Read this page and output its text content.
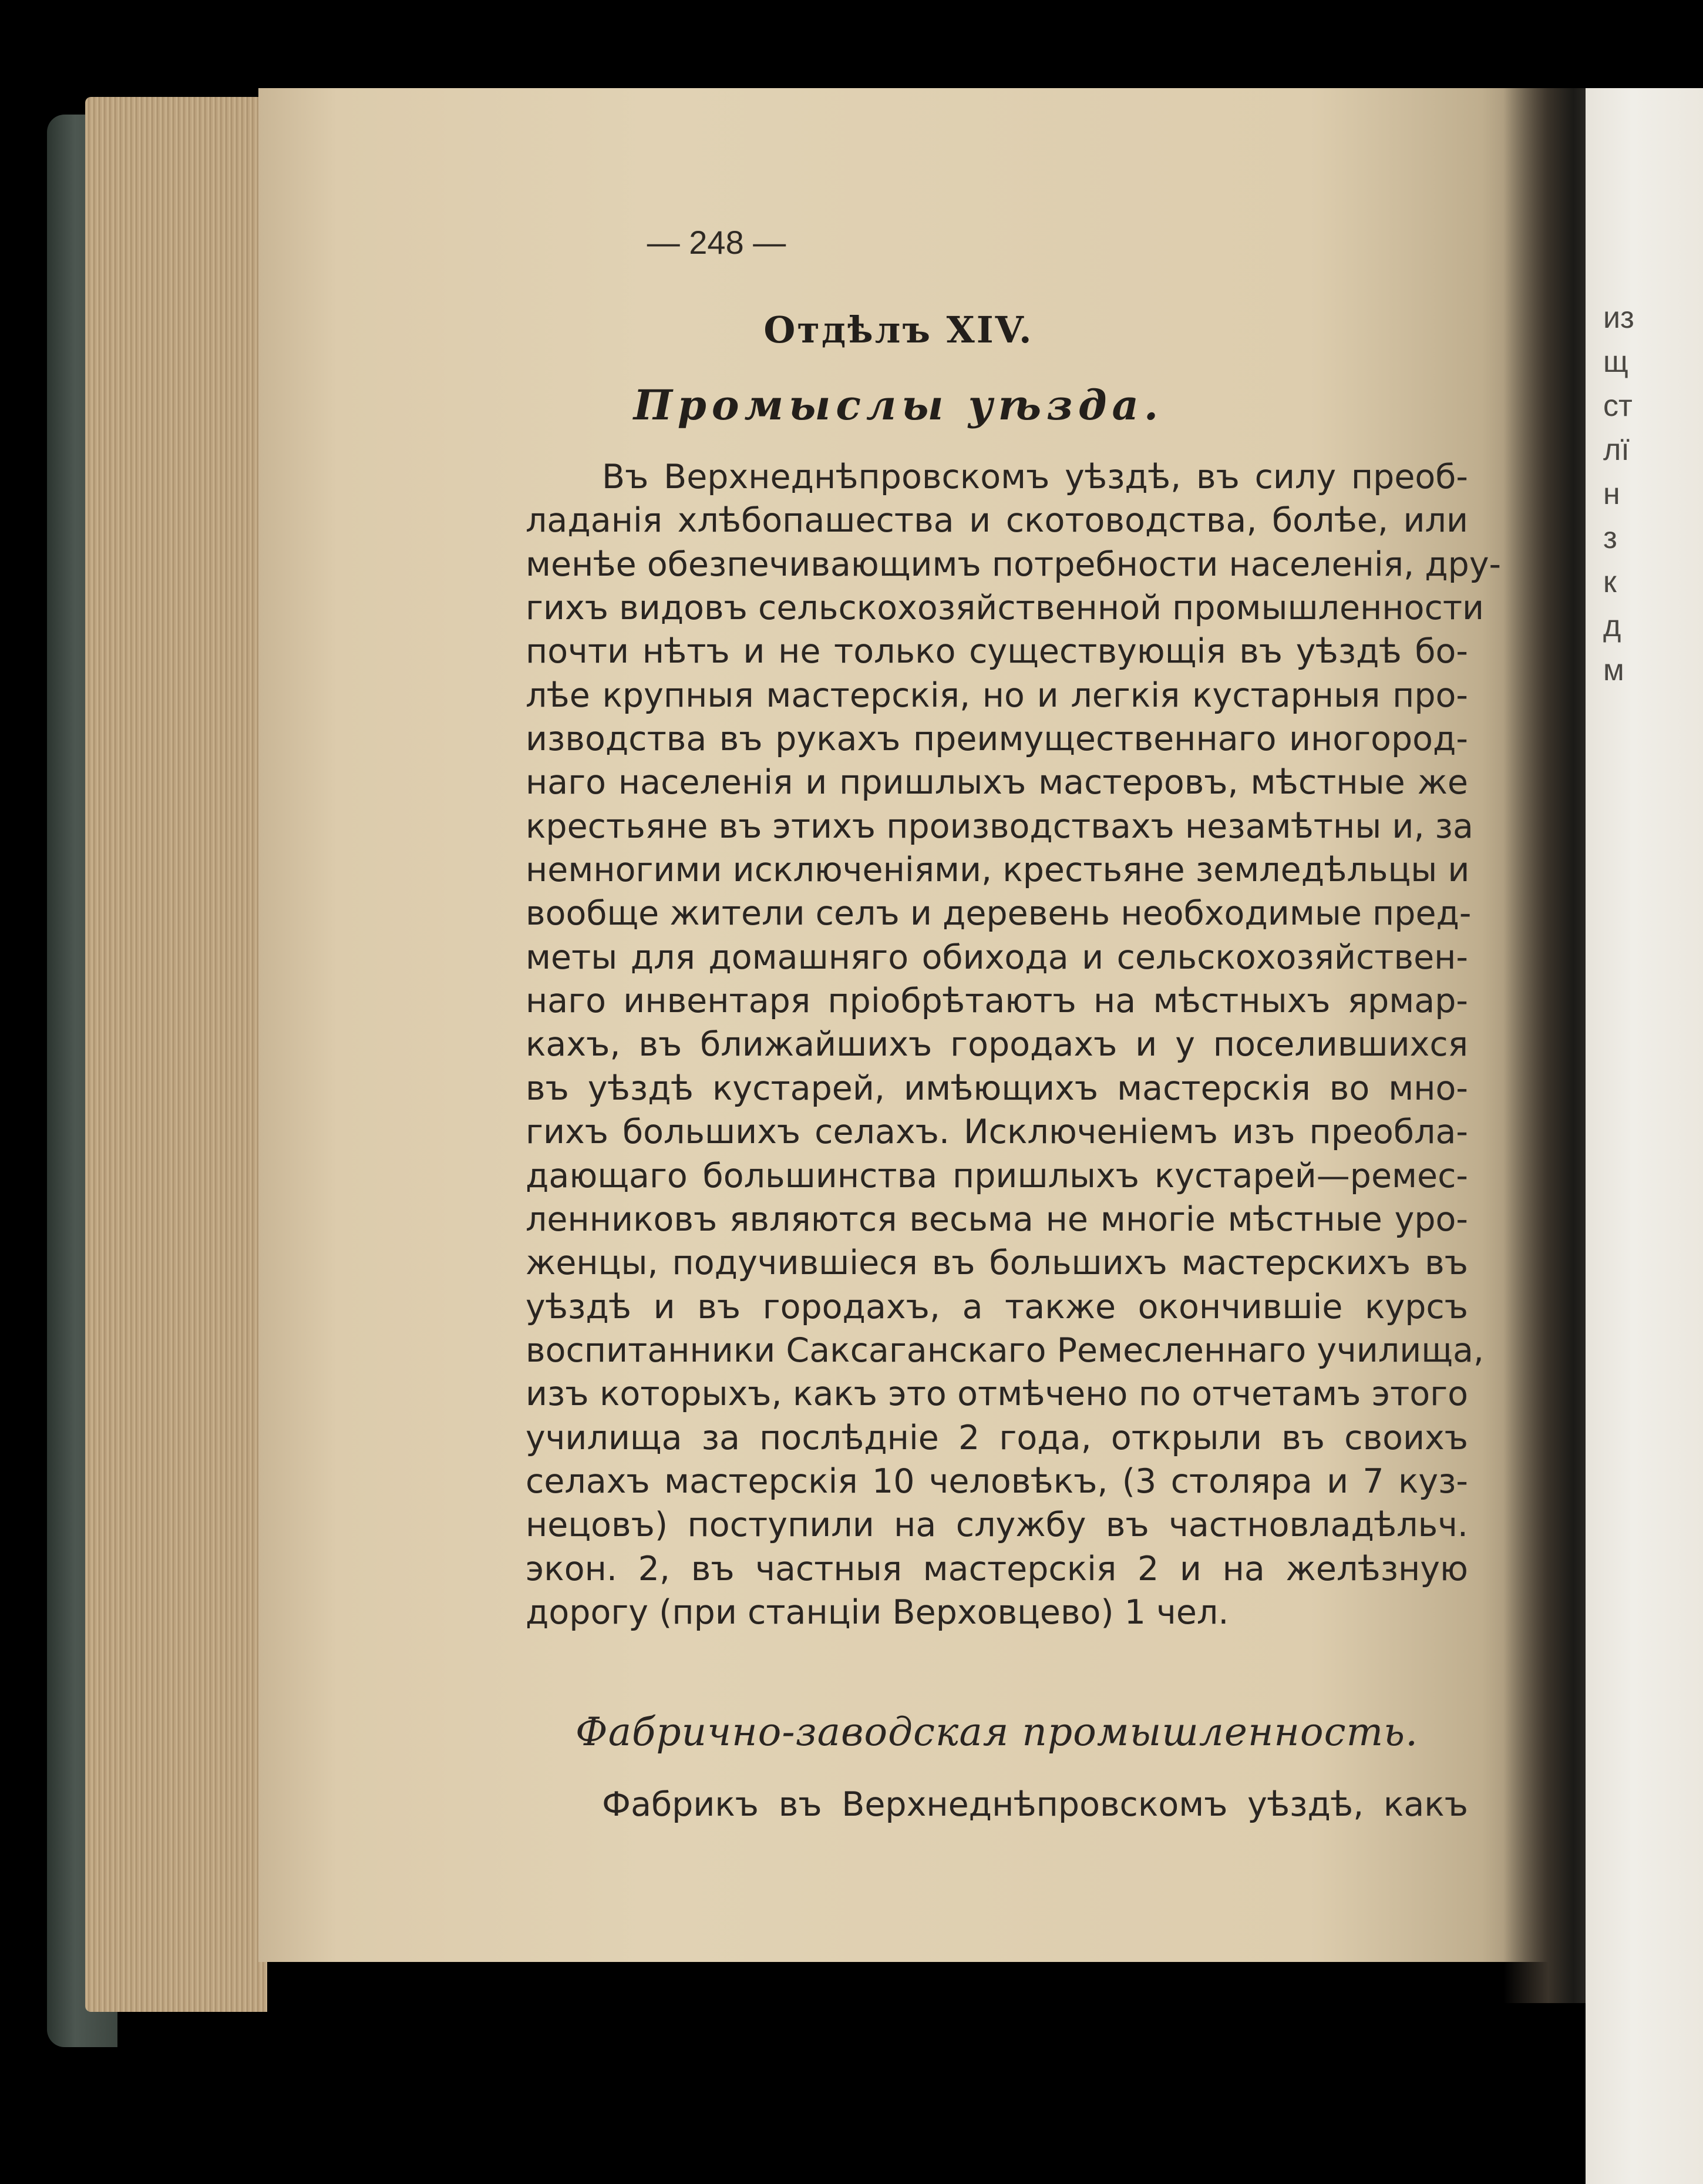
из
щ
ст
лї
н
з
к
д
м
— 248 —
Отдѣлъ XIV.
Промыслы уѣзда.
Въ Верхнеднѣпровскомъ уѣздѣ, въ силу преоб-
ладанія хлѣбопашества и скотоводства, болѣе, или
менѣе обезпечивающимъ потребности населенія, дру-
гихъ видовъ сельскохозяйственной промышленности
почти нѣтъ и не только существующія въ уѣздѣ бо-
лѣе крупныя мастерскія, но и легкія кустарныя про-
изводства въ рукахъ преимущественнаго иногород-
наго населенія и пришлыхъ мастеровъ, мѣстные же
крестьяне въ этихъ производствахъ незамѣтны и, за
немногими исключеніями, крестьяне земледѣльцы и
вообще жители селъ и деревень необходимые пред-
меты для домашняго обихода и сельскохозяйствен-
наго инвентаря пріобрѣтаютъ на мѣстныхъ ярмар-
кахъ, въ ближайшихъ городахъ и у поселившихся
въ уѣздѣ кустарей, имѣющихъ мастерскія во мно-
гихъ большихъ селахъ. Исключеніемъ изъ преобла-
дающаго большинства пришлыхъ кустарей—ремес-
ленниковъ являются весьма не многіе мѣстные уро-
женцы, подучившіеся въ большихъ мастерскихъ въ
уѣздѣ и въ городахъ, а также окончившіе курсъ
воспитанники Саксаганскаго Ремесленнаго училища,
изъ которыхъ, какъ это отмѣчено по отчетамъ этого
училища за послѣдніе 2 года, открыли въ своихъ
селахъ мастерскія 10 человѣкъ, (3 столяра и 7 куз-
нецовъ) поступили на службу въ частновладѣльч.
экон. 2, въ частныя мастерскія 2 и на желѣзную
дорогу (при станціи Верховцево) 1 чел.
Фабрично-заводская промышленность.
Фабрикъ въ Верхнеднѣпровскомъ уѣздѣ, какъ
